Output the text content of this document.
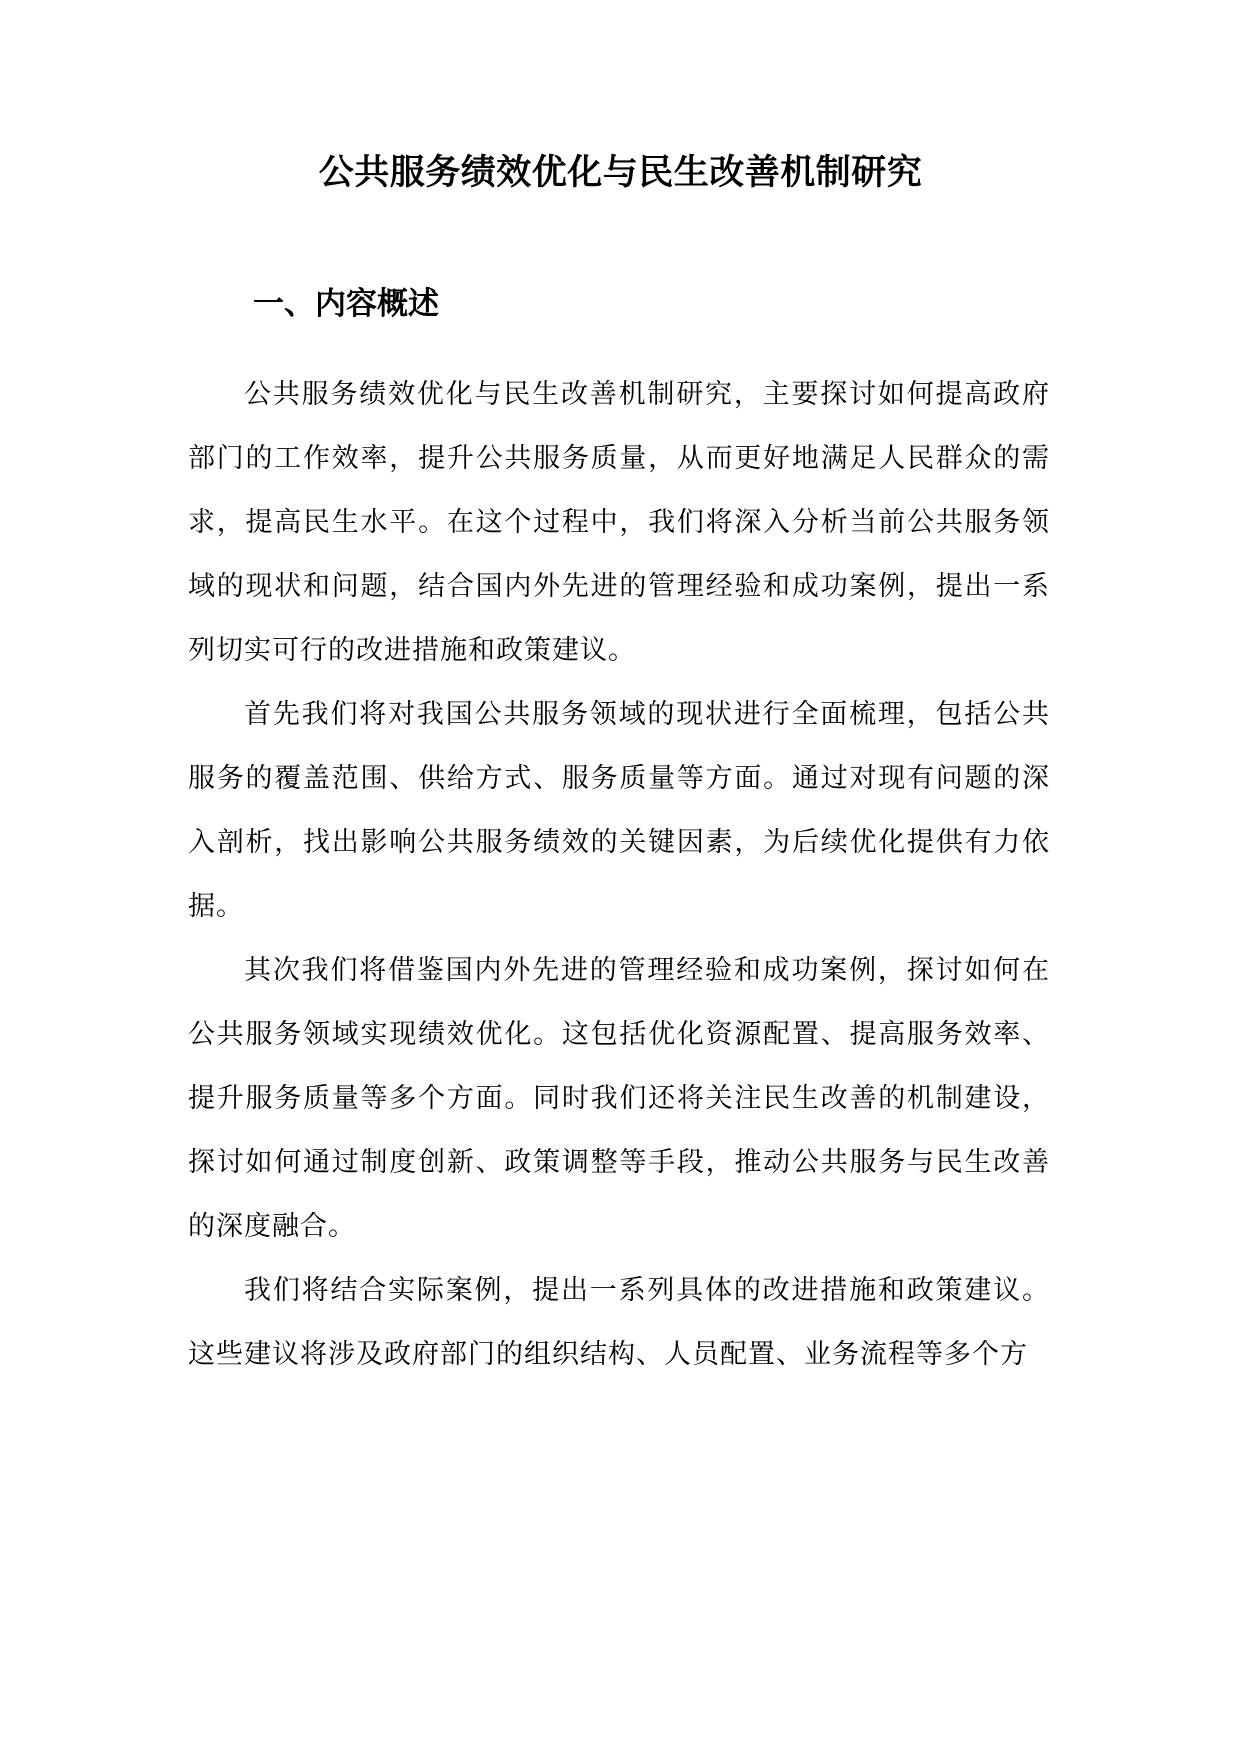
公共服务绩效优化与民生改善机制研究
一、内容概述

公共服务绩效优化与民生改善机制研究，主要探讨如何提高政府部门的工作效率，提升公共服务质量，从而更好地满足人民群众的需求，提高民生水平。在这个过程中，我们将深入分析当前公共服务领域的现状和问题，结合国内外先进的管理经验和成功案例，提出一系列切实可行的改进措施和政策建议。

首先我们将对我国公共服务领域的现状进行全面梳理，包括公共服务的覆盖范围、供给方式、服务质量等方面。通过对现有问题的深入剖析，找出影响公共服务绩效的关键因素，为后续优化提供有力依据。

其次我们将借鉴国内外先进的管理经验和成功案例，探讨如何在公共服务领域实现绩效优化。这包括优化资源配置、提高服务效率、提升服务质量等多个方面。同时我们还将关注民生改善的机制建设，探讨如何通过制度创新、政策调整等手段，推动公共服务与民生改善的深度融合。

我们将结合实际案例，提出一系列具体的改进措施和政策建议。这些建议将涉及政府部门的组织结构、人员配置、业务流程等多个方
